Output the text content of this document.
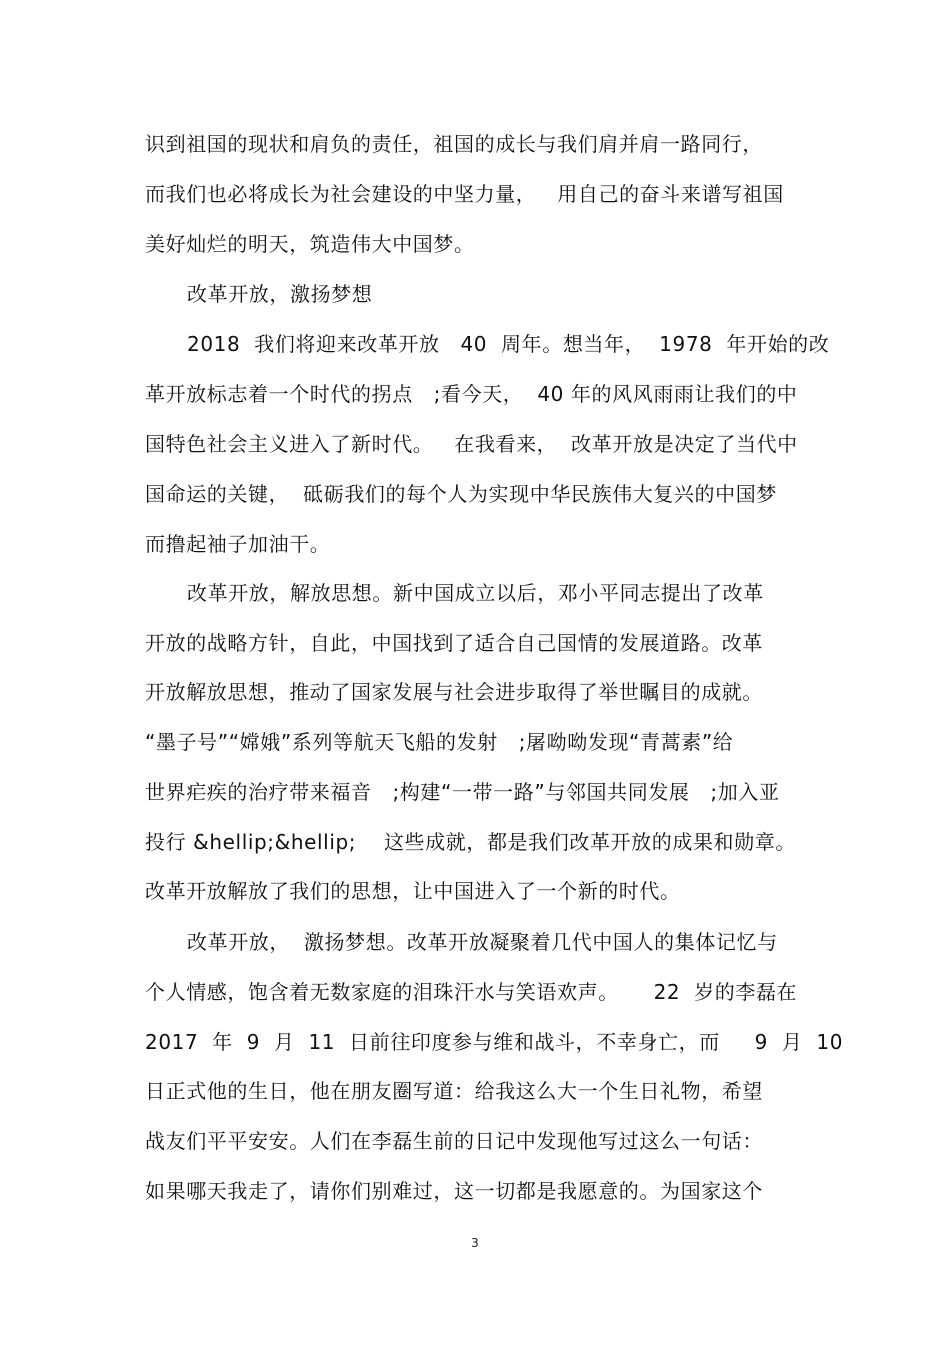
识到祖国的现状和肩负的责任，祖国的成长与我们肩并肩一路同行，
而我们也必将成长为社会建设的中坚力量，   用自己的奋斗来谱写祖国
美好灿烂的明天，筑造伟大中国梦。
改革开放，激扬梦想
2018  我们将迎来改革开放   40  周年。想当年，  1978  年开始的改
革开放标志着一个时代的拐点   ;看今天，  40 年的风风雨雨让我们的中
国特色社会主义进入了新时代。   在我看来，  改革开放是决定了当代中
国命运的关键，  砥砺我们的每个人为实现中华民族伟大复兴的中国梦
而撸起袖子加油干。
改革开放，解放思想。新中国成立以后，邓小平同志提出了改革
开放的战略方针，自此，中国找到了适合自己国情的发展道路。改革
开放解放思想，推动了国家发展与社会进步取得了举世瞩目的成就。
“墨子号”“嫦娥”系列等航天飞船的发射   ;屠呦呦发现“青蒿素”给
世界疟疾的治疗带来福音   ;构建“一带一路”与邻国共同发展   ;加入亚
投行 &hellip;&hellip;    这些成就，都是我们改革开放的成果和勋章。
改革开放解放了我们的思想，让中国进入了一个新的时代。
改革开放，  激扬梦想。改革开放凝聚着几代中国人的集体记忆与
个人情感，饱含着无数家庭的泪珠汗水与笑语欢声。     22  岁的李磊在
2017  年  9  月  11  日前往印度参与维和战斗，不幸身亡，而     9  月  10
日正式他的生日，他在朋友圈写道：给我这么大一个生日礼物，希望
战友们平平安安。人们在李磊生前的日记中发现他写过这么一句话：
如果哪天我走了，请你们别难过，这一切都是我愿意的。为国家这个
3
